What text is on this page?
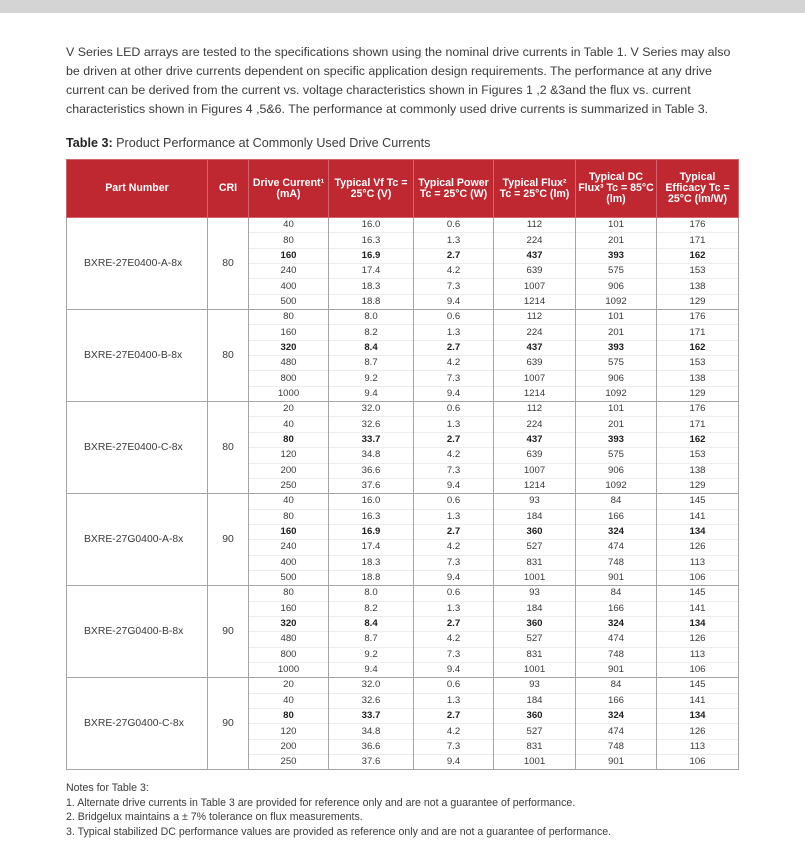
V Series LED arrays are tested to the specifications shown using the nominal drive currents in Table 1. V Series may also be driven at other drive currents dependent on specific application design requirements. The performance at any drive current can be derived from the current vs. voltage characteristics shown in Figures 1 ,2 &3and the flux vs. current characteristics shown in Figures 4 ,5&6. The performance at commonly used drive currents is summarized in Table 3.

Table 3: Product Performance at Commonly Used Drive Currents
Part Number	CRI	Drive Current¹ (mA)	Typical Vf Tc = 25°C (V)	Typical Power Tc = 25°C (W)	Typical Flux² Tc = 25°C (lm)	Typical DC Flux³ Tc = 85°C (lm)	Typical Efficacy Tc = 25°C (lm/W)
BXRE-27E0400-A-8x	80	40	16.0	0.6	112	101	176
		80	16.3	1.3	224	201	171
		160	16.9	2.7	437	393	162
		240	17.4	4.2	639	575	153
		400	18.3	7.3	1007	906	138
		500	18.8	9.4	1214	1092	129
BXRE-27E0400-B-8x	80	80	8.0	0.6	112	101	176
		160	8.2	1.3	224	201	171
		320	8.4	2.7	437	393	162
		480	8.7	4.2	639	575	153
		800	9.2	7.3	1007	906	138
		1000	9.4	9.4	1214	1092	129
BXRE-27E0400-C-8x	80	20	32.0	0.6	112	101	176
		40	32.6	1.3	224	201	171
		80	33.7	2.7	437	393	162
		120	34.8	4.2	639	575	153
		200	36.6	7.3	1007	906	138
		250	37.6	9.4	1214	1092	129
BXRE-27G0400-A-8x	90	40	16.0	0.6	93	84	145
		80	16.3	1.3	184	166	141
		160	16.9	2.7	360	324	134
		240	17.4	4.2	527	474	126
		400	18.3	7.3	831	748	113
		500	18.8	9.4	1001	901	106
BXRE-27G0400-B-8x	90	80	8.0	0.6	93	84	145
		160	8.2	1.3	184	166	141
		320	8.4	2.7	360	324	134
		480	8.7	4.2	527	474	126
		800	9.2	7.3	831	748	113
		1000	9.4	9.4	1001	901	106
BXRE-27G0400-C-8x	90	20	32.0	0.6	93	84	145
		40	32.6	1.3	184	166	141
		80	33.7	2.7	360	324	134
		120	34.8	4.2	527	474	126
		200	36.6	7.3	831	748	113
		250	37.6	9.4	1001	901	106
Notes for Table 3:
1. Alternate drive currents in Table 3 are provided for reference only and are not a guarantee of performance.
2. Bridgelux maintains a ± 7% tolerance on flux measurements.
3. Typical stabilized DC performance values are provided as reference only and are not a guarantee of performance.
